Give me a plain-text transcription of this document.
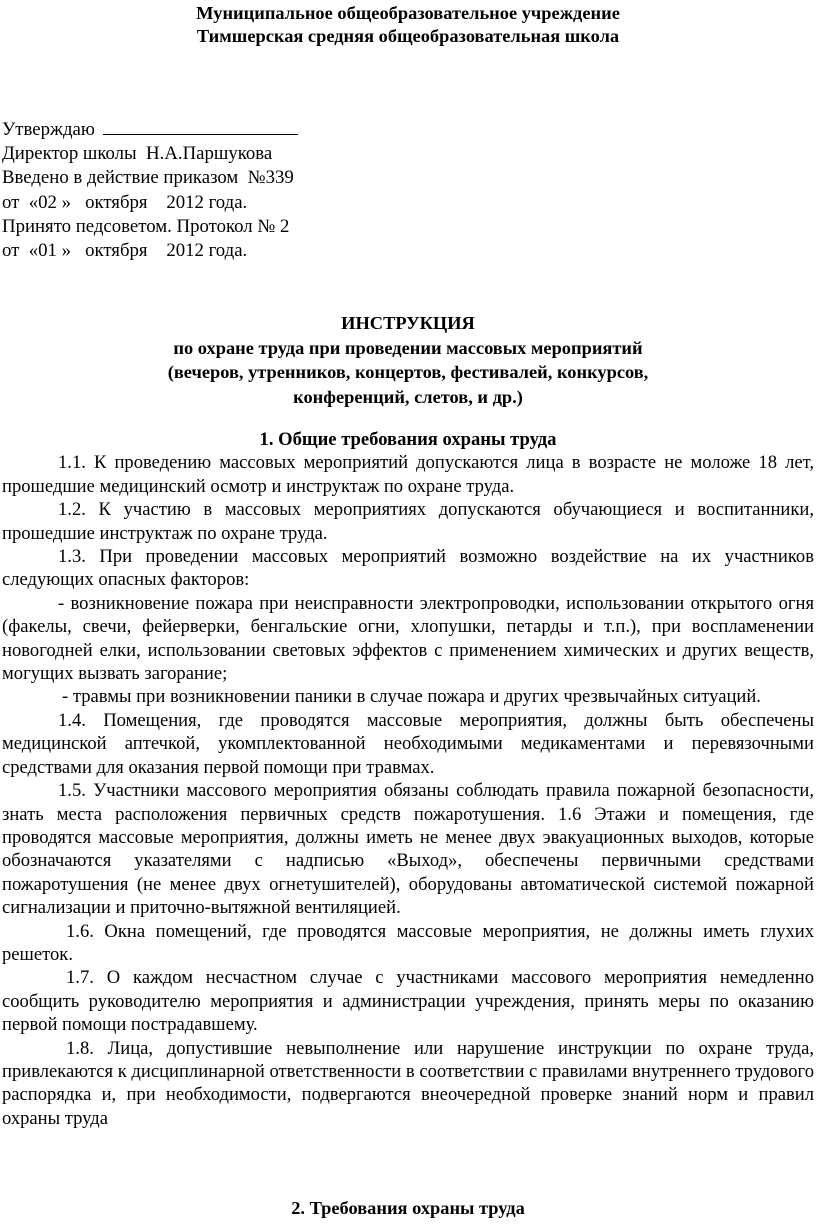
Муниципальное общеобразовательное учреждение
Тимшерская средняя общеобразовательная школа
Утверждаю
Директор школы  Н.А.Паршукова
Введено в действие приказом  №339
от  «02 »   октября    2012 года.
Принято педсоветом. Протокол № 2
от  «01 »   октября    2012 года.
ИНСТРУКЦИЯ
по охране труда при проведении массовых мероприятий
(вечеров, утренников, концертов, фестивалей, конкурсов,
конференций, слетов, и др.)

1. Общие требования охраны труда

1.1. К проведению массовых мероприятий допускаются лица в возрасте не моложе 18 лет, прошедшие медицинский осмотр и инструктаж по охране труда.

1.2. К участию в массовых мероприятиях допускаются обучающиеся и воспитанники, прошедшие инструктаж по охране труда.

1.3. При проведении массовых мероприятий возможно воздействие на их участников следующих опасных факторов:

- возникновение пожара при неисправности электропроводки, использовании открытого огня (факелы, свечи, фейерверки, бенгальские огни, хлопушки, петарды и т.п.), при воспламенении новогодней елки, использовании световых эффектов с применением химических и других веществ, могущих вызвать загорание;

- травмы при возникновении паники в случае пожара и других чрезвычайных ситуаций.

1.4. Помещения, где проводятся массовые мероприятия, должны быть обеспечены медицинской аптечкой, укомплектованной необходимыми медикаментами и перевязочными средствами для оказания первой помощи при травмах.

1.5. Участники массового мероприятия обязаны соблюдать правила пожарной безопасности, знать места расположения первичных средств пожаротушения. 1.6 Этажи и помещения, где проводятся массовые мероприятия, должны иметь не менее двух эвакуационных выходов, которые обозначаются указателями с надписью «Выход», обеспечены первичными средствами пожаротушения (не менее двух огнетушителей), оборудованы автоматической системой пожарной сигнализации и приточно-вытяжной вентиляцией.

1.6. Окна помещений, где проводятся массовые мероприятия, не должны иметь глухих решеток.

1.7. О каждом несчастном случае с участниками массового мероприятия немедленно сообщить руководителю мероприятия и администрации учреждения, принять меры по оказанию первой помощи пострадавшему.

1.8. Лица, допустившие невыполнение или нарушение инструкции по охране труда, привлекаются к дисциплинарной ответственности в соответствии с правилами внутреннего трудового распорядка и, при необходимости, подвергаются внеочередной проверке знаний норм и правил охраны труда

2. Требования охраны труда
